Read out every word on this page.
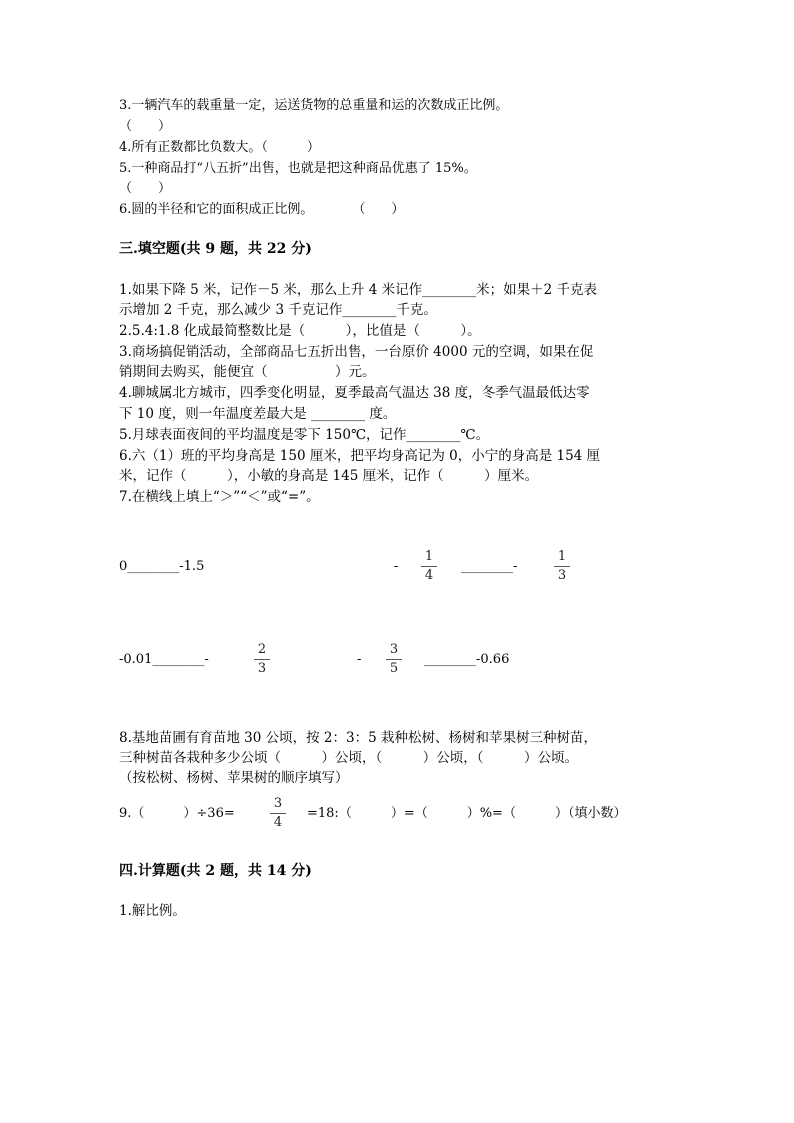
3.一辆汽车的载重量一定，运送货物的总重量和运的次数成正比例。
（　　）
4.所有正数都比负数大。（　　　）
5.一种商品打“八五折”出售，也就是把这种商品优惠了 15%。
（　　）
6.圆的半径和它的面积成正比例。　　　　（　　）
三.填空题(共 9 题，共 22 分)
1.如果下降 5 米，记作－5 米，那么上升 4 米记作________米；如果＋2 千克表
示增加 2 千克，那么减少 3 千克记作________千克。
2.5.4:1.8 化成最简整数比是（　　　），比值是（　　　）。
3.商场搞促销活动，全部商品七五折出售，一台原价 4000 元的空调，如果在促
销期间去购买，能便宜（　　　　　）元。
4.聊城属北方城市，四季变化明显，夏季最高气温达 38 度，冬季气温最低达零
下 10 度，则一年温度差最大是 ________ 度。
5.月球表面夜间的平均温度是零下 150℃，记作________℃。
6.六（1）班的平均身高是 150 厘米，把平均身高记为 0，小宁的身高是 154 厘
米，记作（　　　），小敏的身高是 145 厘米，记作（　　　）厘米。
7.在横线上填上“＞”“＜”或“=”。
0________-1.5	-
1
4
________-
1
3
-0.01________-
2
3
-
3
5
________-0.66
8.基地苗圃有育苗地 30 公顷，按 2：3：5 栽种松树、杨树和苹果树三种树苗，
三种树苗各栽种多少公顷（　　　）公顷，（　　　）公顷，（　　　）公顷。
（按松树、杨树、苹果树的顺序填写）
9.（　　　）÷36=
3
4
=18:（　　　）=（　　　）%=（　　　）（填小数）
四.计算题(共 2 题，共 14 分)
1.解比例。
